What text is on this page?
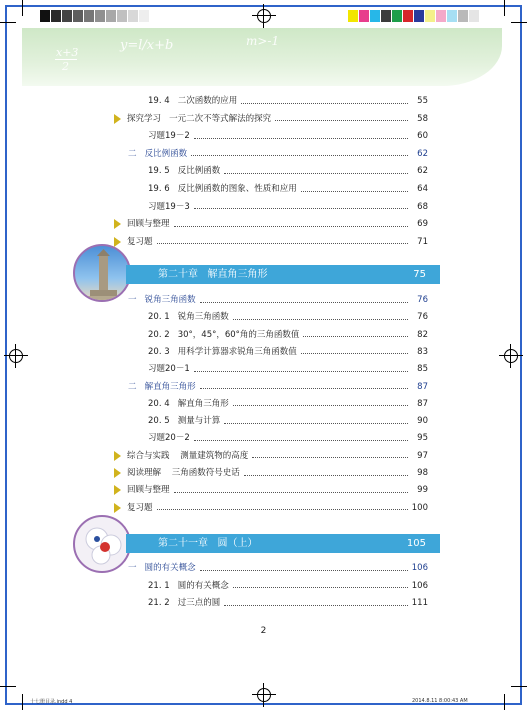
x+3
2
y=l/x+b	m>-1
19. 4   二次函数的应用	55
探究学习   一元二次不等式解法的探究	58
习题19－2	60
二   反比例函数	62
19. 5   反比例函数	62
19. 6   反比例函数的图象、性质和应用	64
习题19－3	68
回顾与整理	69
复习题	71
第二十章 解直角三角形	75
一   锐角三角函数	76
20. 1   锐角三角函数	76
20. 2   30°，45°，60°角的三角函数值	82
20. 3   用科学计算器求锐角三角函数值	83
习题20－1	85
二   解直角三角形	87
20. 4   解直角三角形	87
20. 5   测量与计算	90
习题20－2	95
综合与实践    测量建筑物的高度	97
阅读理解    三角函数符号史话	98
回顾与整理	99
复习题	100
第二十一章 圆（上）	105
一   圆的有关概念	106
21. 1   圆的有关概念	106
21. 2   过三点的圆	111
2
十七册目录.indd 4	2014.8.11 8:00:43 AM
